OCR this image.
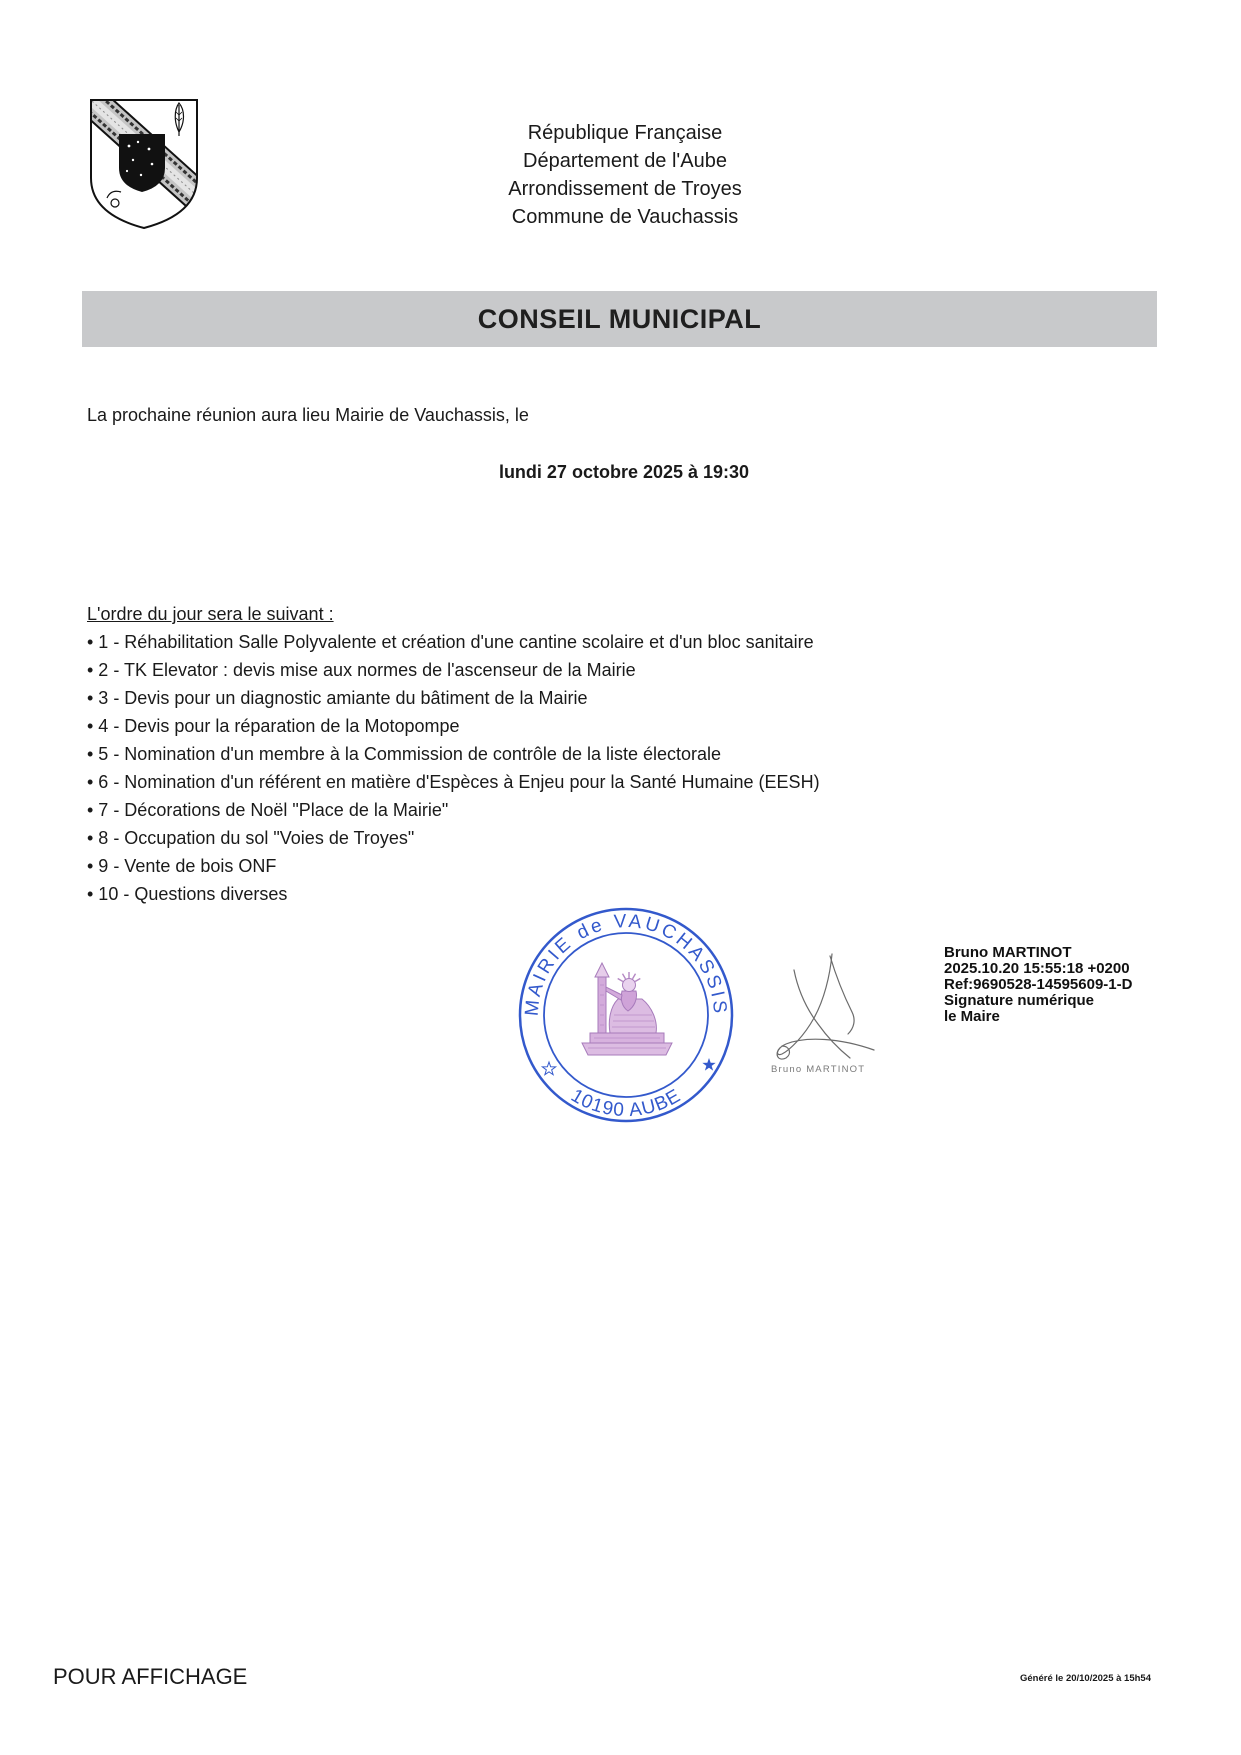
République Française
Département de l'Aube
Arrondissement de Troyes
Commune de Vauchassis
CONSEIL MUNICIPAL
La prochaine réunion aura lieu Mairie de Vauchassis, le
lundi 27 octobre 2025 à 19:30
L'ordre du jour sera le suivant :
• 1 - Réhabilitation Salle Polyvalente et création d'une cantine scolaire et d'un bloc sanitaire
• 2 - TK Elevator : devis mise aux normes de l'ascenseur de la Mairie
• 3 - Devis pour un diagnostic amiante du bâtiment de la Mairie
• 4 - Devis pour la réparation de la Motopompe
• 5 - Nomination d'un membre à la Commission de contrôle de la liste électorale
• 6 - Nomination d'un référent en matière d'Espèces à Enjeu pour la Santé Humaine (EESH)
• 7 - Décorations de Noël "Place de la Mairie"
• 8 - Occupation du sol "Voies de Troyes"
• 9 - Vente de bois ONF
• 10 - Questions diverses
MAIRIE de VAUCHASSIS
10190 AUBE
Bruno MARTINOT
Bruno MARTINOT
2025.10.20 15:55:18 +0200
Ref:9690528-14595609-1-D
Signature numérique
le Maire
POUR AFFICHAGE	Généré le 20/10/2025 à 15h54
